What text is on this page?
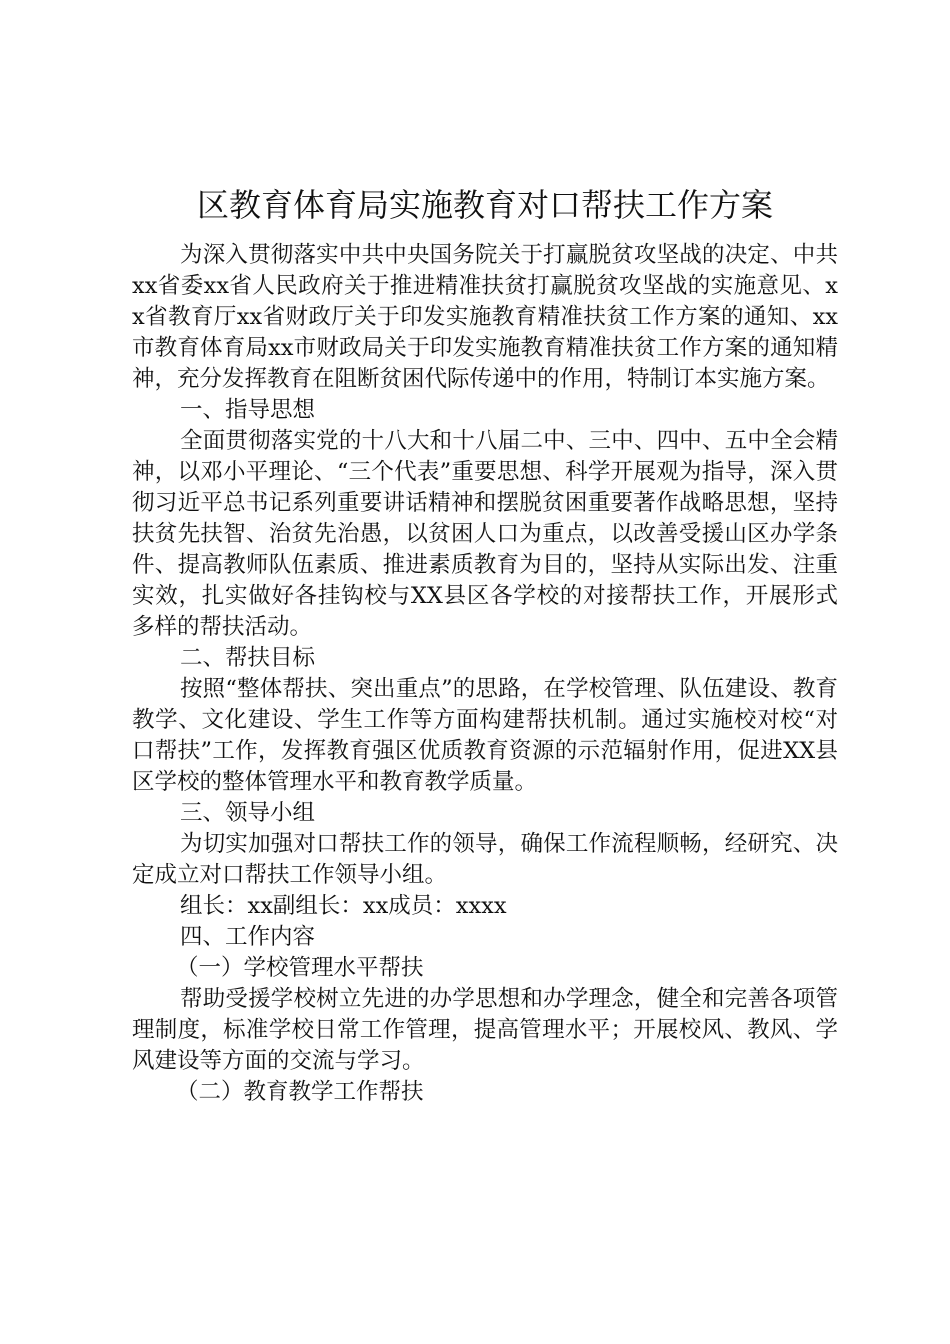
区教育体育局实施教育对口帮扶工作方案

为深入贯彻落实中共中央国务院关于打赢脱贫攻坚战的决定、中共xx省委xx省人民政府关于推进精准扶贫打赢脱贫攻坚战的实施意见、xx省教育厅xx省财政厅关于印发实施教育精准扶贫工作方案的通知、xx市教育体育局xx市财政局关于印发实施教育精准扶贫工作方案的通知精神，充分发挥教育在阻断贫困代际传递中的作用，特制订本实施方案。

一、指导思想

全面贯彻落实党的十八大和十八届二中、三中、四中、五中全会精神，以邓小平理论、“三个代表”重要思想、科学开展观为指导，深入贯彻习近平总书记系列重要讲话精神和摆脱贫困重要著作战略思想，坚持扶贫先扶智、治贫先治愚，以贫困人口为重点，以改善受援山区办学条件、提高教师队伍素质、推进素质教育为目的，坚持从实际出发、注重实效，扎实做好各挂钩校与XX县区各学校的对接帮扶工作，开展形式多样的帮扶活动。

二、帮扶目标

按照“整体帮扶、突出重点”的思路，在学校管理、队伍建设、教育教学、文化建设、学生工作等方面构建帮扶机制。通过实施校对校“对口帮扶”工作，发挥教育强区优质教育资源的示范辐射作用，促进XX县区学校的整体管理水平和教育教学质量。

三、领导小组

为切实加强对口帮扶工作的领导，确保工作流程顺畅，经研究、决定成立对口帮扶工作领导小组。

组长：xx副组长：xx成员：xxxx

四、工作内容

（一）学校管理水平帮扶

帮助受援学校树立先进的办学思想和办学理念，健全和完善各项管理制度，标准学校日常工作管理，提高管理水平；开展校风、教风、学风建设等方面的交流与学习。

（二）教育教学工作帮扶
